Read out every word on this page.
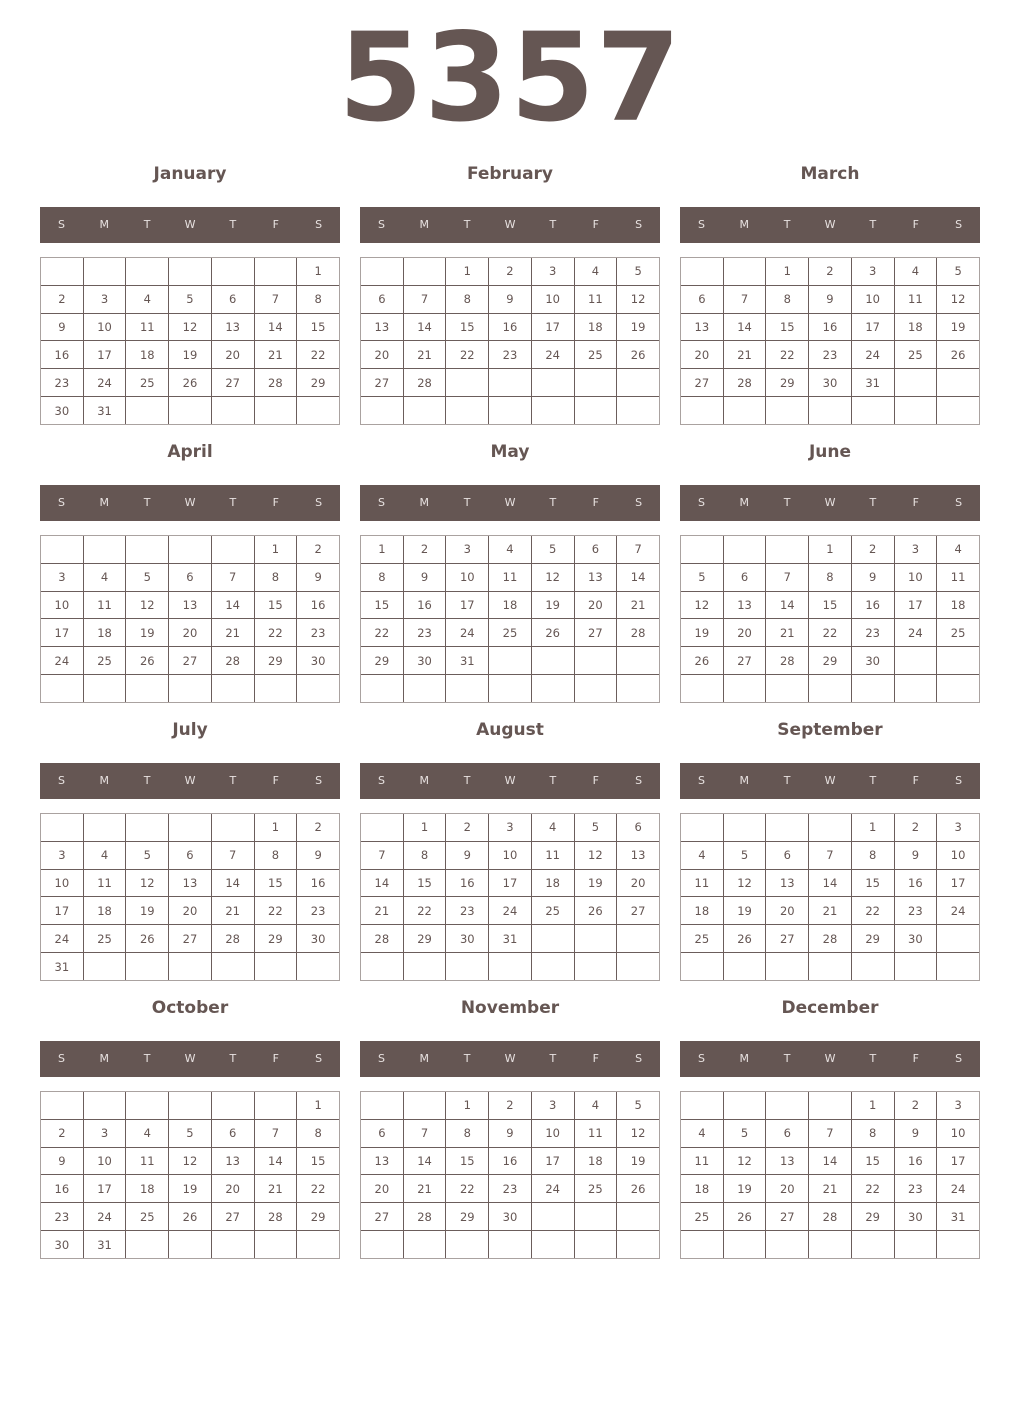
5357
January
S	M	T	W	T	F	S
						1
2	3	4	5	6	7	8
9	10	11	12	13	14	15
16	17	18	19	20	21	22
23	24	25	26	27	28	29
30	31					
February
S	M	T	W	T	F	S
		1	2	3	4	5
6	7	8	9	10	11	12
13	14	15	16	17	18	19
20	21	22	23	24	25	26
27	28					

March
S	M	T	W	T	F	S
		1	2	3	4	5
6	7	8	9	10	11	12
13	14	15	16	17	18	19
20	21	22	23	24	25	26
27	28	29	30	31		

April
S	M	T	W	T	F	S
					1	2
3	4	5	6	7	8	9
10	11	12	13	14	15	16
17	18	19	20	21	22	23
24	25	26	27	28	29	30

May
S	M	T	W	T	F	S
1	2	3	4	5	6	7
8	9	10	11	12	13	14
15	16	17	18	19	20	21
22	23	24	25	26	27	28
29	30	31				

June
S	M	T	W	T	F	S
			1	2	3	4
5	6	7	8	9	10	11
12	13	14	15	16	17	18
19	20	21	22	23	24	25
26	27	28	29	30		

July
S	M	T	W	T	F	S
					1	2
3	4	5	6	7	8	9
10	11	12	13	14	15	16
17	18	19	20	21	22	23
24	25	26	27	28	29	30
31						
August
S	M	T	W	T	F	S
	1	2	3	4	5	6
7	8	9	10	11	12	13
14	15	16	17	18	19	20
21	22	23	24	25	26	27
28	29	30	31			

September
S	M	T	W	T	F	S
				1	2	3
4	5	6	7	8	9	10
11	12	13	14	15	16	17
18	19	20	21	22	23	24
25	26	27	28	29	30	

October
S	M	T	W	T	F	S
						1
2	3	4	5	6	7	8
9	10	11	12	13	14	15
16	17	18	19	20	21	22
23	24	25	26	27	28	29
30	31					
November
S	M	T	W	T	F	S
		1	2	3	4	5
6	7	8	9	10	11	12
13	14	15	16	17	18	19
20	21	22	23	24	25	26
27	28	29	30			

December
S	M	T	W	T	F	S
				1	2	3
4	5	6	7	8	9	10
11	12	13	14	15	16	17
18	19	20	21	22	23	24
25	26	27	28	29	30	31
